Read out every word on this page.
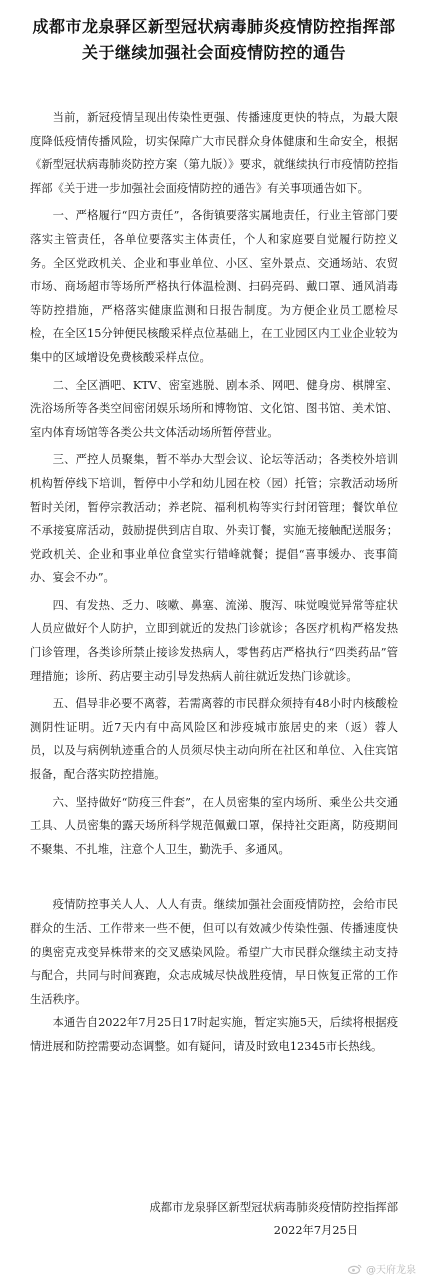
成都市龙泉驿区新型冠状病毒肺炎疫情防控指挥部

关于继续加强社会面疫情防控的通告

当前，新冠疫情呈现出传染性更强、传播速度更快的特点，为最大限度降低疫情传播风险，切实保障广大市民群众身体健康和生命安全，根据《新型冠状病毒肺炎防控方案（第九版）》要求，就继续执行市疫情防控指挥部《关于进一步加强社会面疫情防控的通告》有关事项通告如下。

一、严格履行“四方责任”，各街镇要落实属地责任，行业主管部门要落实主管责任，各单位要落实主体责任，个人和家庭要自觉履行防控义务。全区党政机关、企业和事业单位、小区、室外景点、交通场站、农贸市场、商场超市等场所严格执行体温检测、扫码亮码、戴口罩、通风消毒等防控措施，严格落实健康监测和日报告制度。为方便企业员工愿检尽检，在全区15分钟便民核酸采样点位基础上，在工业园区内工业企业较为集中的区域增设免费核酸采样点位。

二、全区酒吧、KTV、密室逃脱、剧本杀、网吧、健身房、棋牌室、洗浴场所等各类空间密闭娱乐场所和博物馆、文化馆、图书馆、美术馆、室内体育场馆等各类公共文体活动场所暂停营业。

三、严控人员聚集，暂不举办大型会议、论坛等活动；各类校外培训机构暂停线下培训，暂停中小学和幼儿园在校（园）托管；宗教活动场所暂时关闭，暂停宗教活动；养老院、福利机构等实行封闭管理；餐饮单位不承接宴席活动，鼓励提供到店自取、外卖订餐，实施无接触配送服务；党政机关、企业和事业单位食堂实行错峰就餐；提倡“喜事缓办、丧事简办、宴会不办”。

四、有发热、乏力、咳嗽、鼻塞、流涕、腹泻、味觉嗅觉异常等症状人员应做好个人防护，立即到就近的发热门诊就诊；各医疗机构严格发热门诊管理，各类诊所禁止接诊发热病人，零售药店严格执行“四类药品”管理措施；诊所、药店要主动引导发热病人前往就近发热门诊就诊。

五、倡导非必要不离蓉，若需离蓉的市民群众须持有48小时内核酸检测阴性证明。近7天内有中高风险区和涉疫城市旅居史的来（返）蓉人员，以及与病例轨迹重合的人员须尽快主动向所在社区和单位、入住宾馆报备，配合落实防控措施。

六、坚持做好“防疫三件套”，在人员密集的室内场所、乘坐公共交通工具、人员密集的露天场所科学规范佩戴口罩，保持社交距离，防疫期间不聚集、不扎堆，注意个人卫生，勤洗手、多通风。

疫情防控事关人人、人人有责。继续加强社会面疫情防控，会给市民群众的生活、工作带来一些不便，但可以有效减少传染性强、传播速度快的奥密克戎变异株带来的交叉感染风险。希望广大市民群众继续主动支持与配合，共同与时间赛跑，众志成城尽快战胜疫情，早日恢复正常的工作生活秩序。

本通告自2022年7月25日17时起实施，暂定实施5天，后续将根据疫情进展和防控需要动态调整。如有疑问，请及时致电12345市长热线。

成都市龙泉驿区新型冠状病毒肺炎疫情防控指挥部

2022年7月25日

@天府龙泉
